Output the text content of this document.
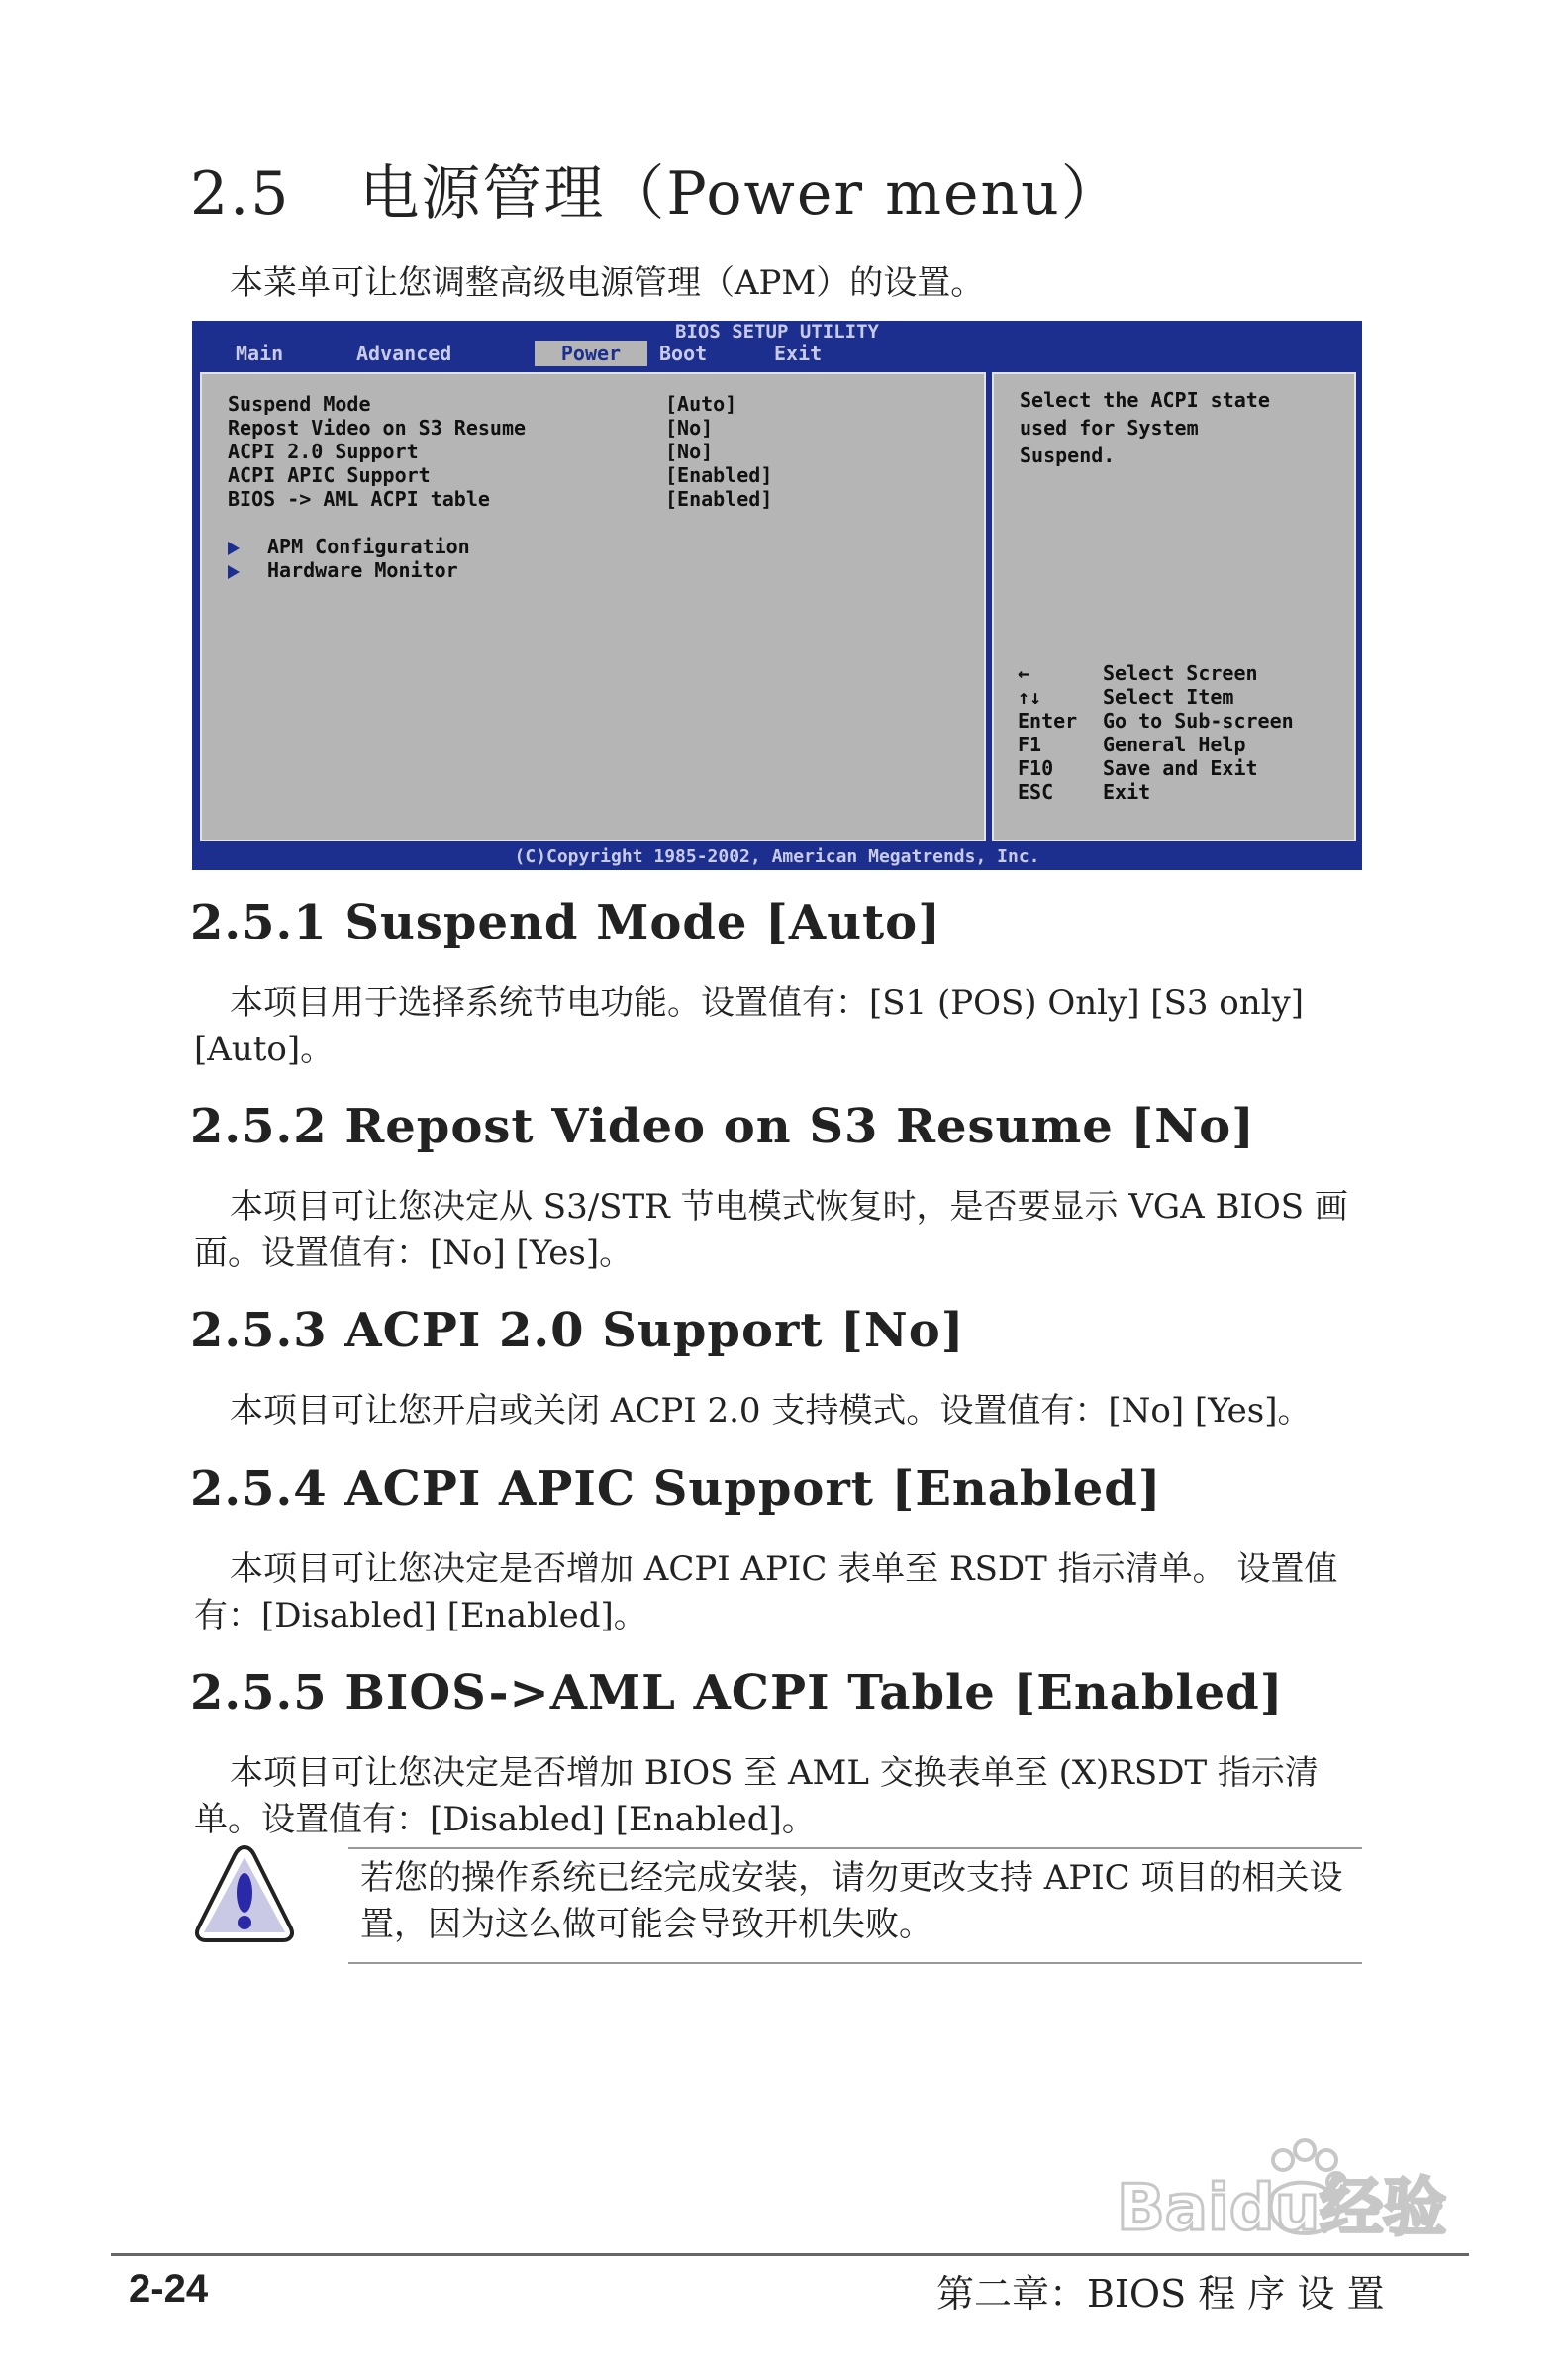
2.5 电源管理（Power menu）
本菜单可让您调整高级电源管理（APM）的设置。
BIOS SETUP UTILITY
Main	Advanced	Power	Boot	Exit
Suspend Mode	[Auto]
Repost Video on S3 Resume	[No]
ACPI 2.0 Support	[No]
ACPI APIC Support	[Enabled]
BIOS -> AML ACPI table	[Enabled]
APM Configuration
Hardware Monitor
Select the ACPI state
used for System
Suspend.
←	Select Screen
↑↓	Select Item
Enter Go to Sub-screen
F1	General Help
F10 Save and Exit
ESC Exit
(C)Copyright 1985-2002, American Megatrends, Inc.
2.5.1 Suspend Mode [Auto]
本项目用于选择系统节电功能。设置值有：[S1 (POS) Only] [S3 only] [Auto]。
2.5.2 Repost Video on S3 Resume [No]
本项目可让您决定从 S3/STR 节电模式恢复时，是否要显示 VGA BIOS 画面。设置值有：[No] [Yes]。
2.5.3 ACPI 2.0 Support [No]
本项目可让您开启或关闭 ACPI 2.0 支持模式。设置值有：[No] [Yes]。
2.5.4 ACPI APIC Support [Enabled]
本项目可让您决定是否增加 ACPI APIC 表单至 RSDT 指示清单。 设置值有：[Disabled] [Enabled]。
2.5.5 BIOS->AML ACPI Table [Enabled]
本项目可让您决定是否增加 BIOS 至 AML 交换表单至 (X)RSDT 指示清单。设置值有：[Disabled] [Enabled]。
若您的操作系统已经完成安装，请勿更改支持 APIC 项目的相关设置，因为这么做可能会导致开机失败。
Baidu经验
2-24	第二章：BIOS 程 序 设 置
